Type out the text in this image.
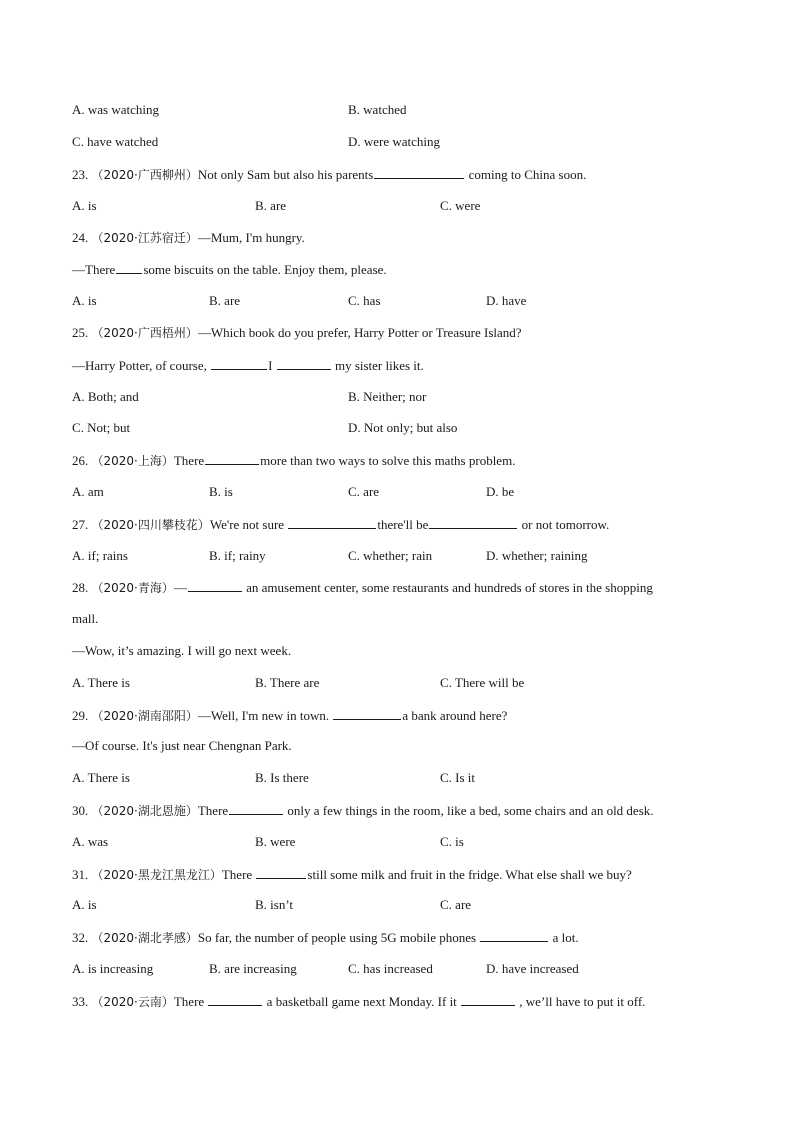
A. was watching	B. watched
C. have watched	D. were watching
23. （2020·广西柳州）Not only Sam but also his parents	coming to China soon.
A. is	B. are	C. were
24. （2020·江苏宿迁）—Mum, I'm hungry.
—There some biscuits on the table. Enjoy them, please.
A. is	B. are	C. has	D. have
25. （2020·广西梧州）—Which book do you prefer, Harry Potter or Treasure Island?
—Harry Potter, of course,	I	my sister likes it.
A. Both; and	B. Neither; nor
C. Not; but	D. Not only; but also
26. （2020·上海）There	more than two ways to solve this maths problem.
A. am	B. is	C. are	D. be
27. （2020·四川攀枝花）We're not sure	there'll be	or not tomorrow.
A. if; rains	B. if; rainy	C. whether; rain	D. whether; raining
28. （2020·青海）—	an amusement center, some restaurants and hundreds of stores in the shopping
mall.
—Wow, it’s amazing. I will go next week.
A. There is	B. There are	C. There will be
29. （2020·湖南邵阳）—Well, I'm new in town.	a bank around here?
—Of course. It's just near Chengnan Park.
A. There is	B. Is there	C. Is it
30. （2020·湖北恩施）There	only a few things in the room, like a bed, some chairs and an old desk.
A. was	B. were	C. is
31. （2020·黑龙江黑龙江）There	still some milk and fruit in the fridge. What else shall we buy?
A. is	B. isn’t	C. are
32. （2020·湖北孝感）So far, the number of people using 5G mobile phones	a lot.
A. is increasing	B. are increasing	C. has increased	D. have increased
33. （2020·云南）There	a basketball game next Monday. If it	, we’ll have to put it off.
